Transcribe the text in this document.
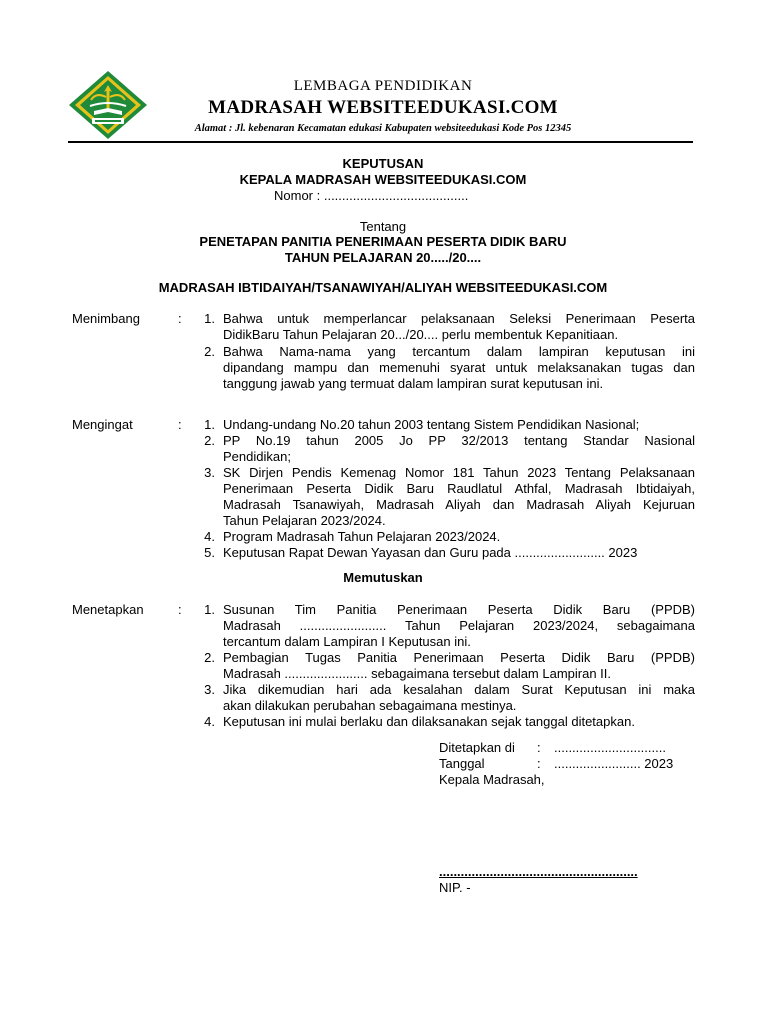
LEMBAGA PENDIDIKAN
MADRASAH WEBSITEEDUKASI.COM
Alamat : Jl. kebenaran Kecamatan edukasi Kabupaten websiteedukasi Kode Pos 12345
KEPUTUSAN
KEPALA MADRASAH WEBSITEEDUKASI.COM
Nomor : ........................................
Tentang
PENETAPAN PANITIA PENERIMAAN PESERTA DIDIK BARU
TAHUN PELAJARAN 20...../20....
MADRASAH IBTIDAIYAH/TSANAWIYAH/ALIYAH WEBSITEEDUKASI.COM
Menimbang	:	1. Bahwa untuk memperlancar pelaksanaan Seleksi Penerimaan Peserta
DidikBaru Tahun Pelajaran 20.../20.... perlu membentuk Kepanitiaan.
2. Bahwa Nama-nama yang tercantum dalam lampiran keputusan ini
dipandang mampu dan memenuhi syarat untuk melaksanakan tugas dan
tanggung jawab yang termuat dalam lampiran surat keputusan ini.
Mengingat	:	1. Undang-undang No.20 tahun 2003 tentang Sistem Pendidikan Nasional;
2. PP No.19 tahun 2005 Jo PP 32/2013 tentang Standar Nasional
Pendidikan;
3. SK Dirjen Pendis Kemenag Nomor 181 Tahun 2023 Tentang Pelaksanaan
Penerimaan Peserta Didik Baru Raudlatul Athfal, Madrasah Ibtidaiyah,
Madrasah Tsanawiyah, Madrasah Aliyah dan Madrasah Aliyah Kejuruan
Tahun Pelajaran 2023/2024.
4. Program Madrasah Tahun Pelajaran 2023/2024.
5. Keputusan Rapat Dewan Yayasan dan Guru pada ......................... 2023
Memutuskan
Menetapkan	:	1. Susunan Tim Panitia Penerimaan Peserta Didik Baru (PPDB)
Madrasah ........................ Tahun Pelajaran 2023/2024, sebagaimana
tercantum dalam Lampiran I Keputusan ini.
2. Pembagian Tugas Panitia Penerimaan Peserta Didik Baru (PPDB)
Madrasah ....................... sebagaimana tersebut dalam Lampiran II.
3. Jika dikemudian hari ada kesalahan dalam Surat Keputusan ini maka
akan dilakukan perubahan sebagaimana mestinya.
4. Keputusan ini mulai berlaku dan dilaksanakan sejak tanggal ditetapkan.
Ditetapkan di : ...............................
Tanggal	: ........................ 2023
Kepala Madrasah,
.......................................................
NIP. -
